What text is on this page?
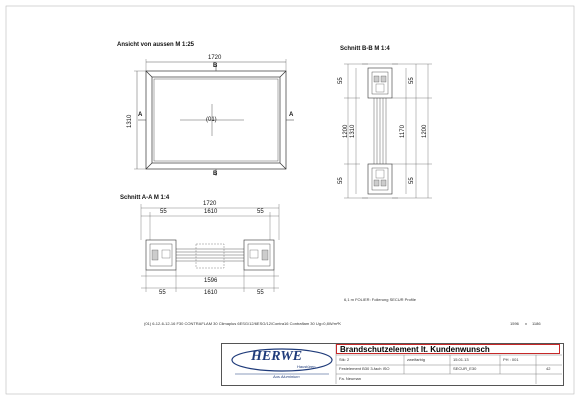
Ansicht von aussen M 1:25
Schnitt B-B M 1:4
Schnitt A-A M 1:4
1720
1310
B
B
A	A
(01)
55
55
1200 1310	1170	1200
55
55
1720
55	1610	55
1596
55	1610	55
6,1 m FOLIER: Folierung SECUR Profile
(01) 6-12-6-12-16 F30 CONTRAFLAM 30 Climaplus 6ESG/12/6ESG/12/Contra16 Contraflam 30 Ug=0,8W/m²K	1596 x 1186
HERWE
Haustüren
Aus Aluminium
Brandschutzelement lt. Kundenwunsch
Stk: 2	zweifarbig	15.01.13	PH : 001
Festelement B30 3-fach ISO	SECUR_E30	42
Fa. Neuman
